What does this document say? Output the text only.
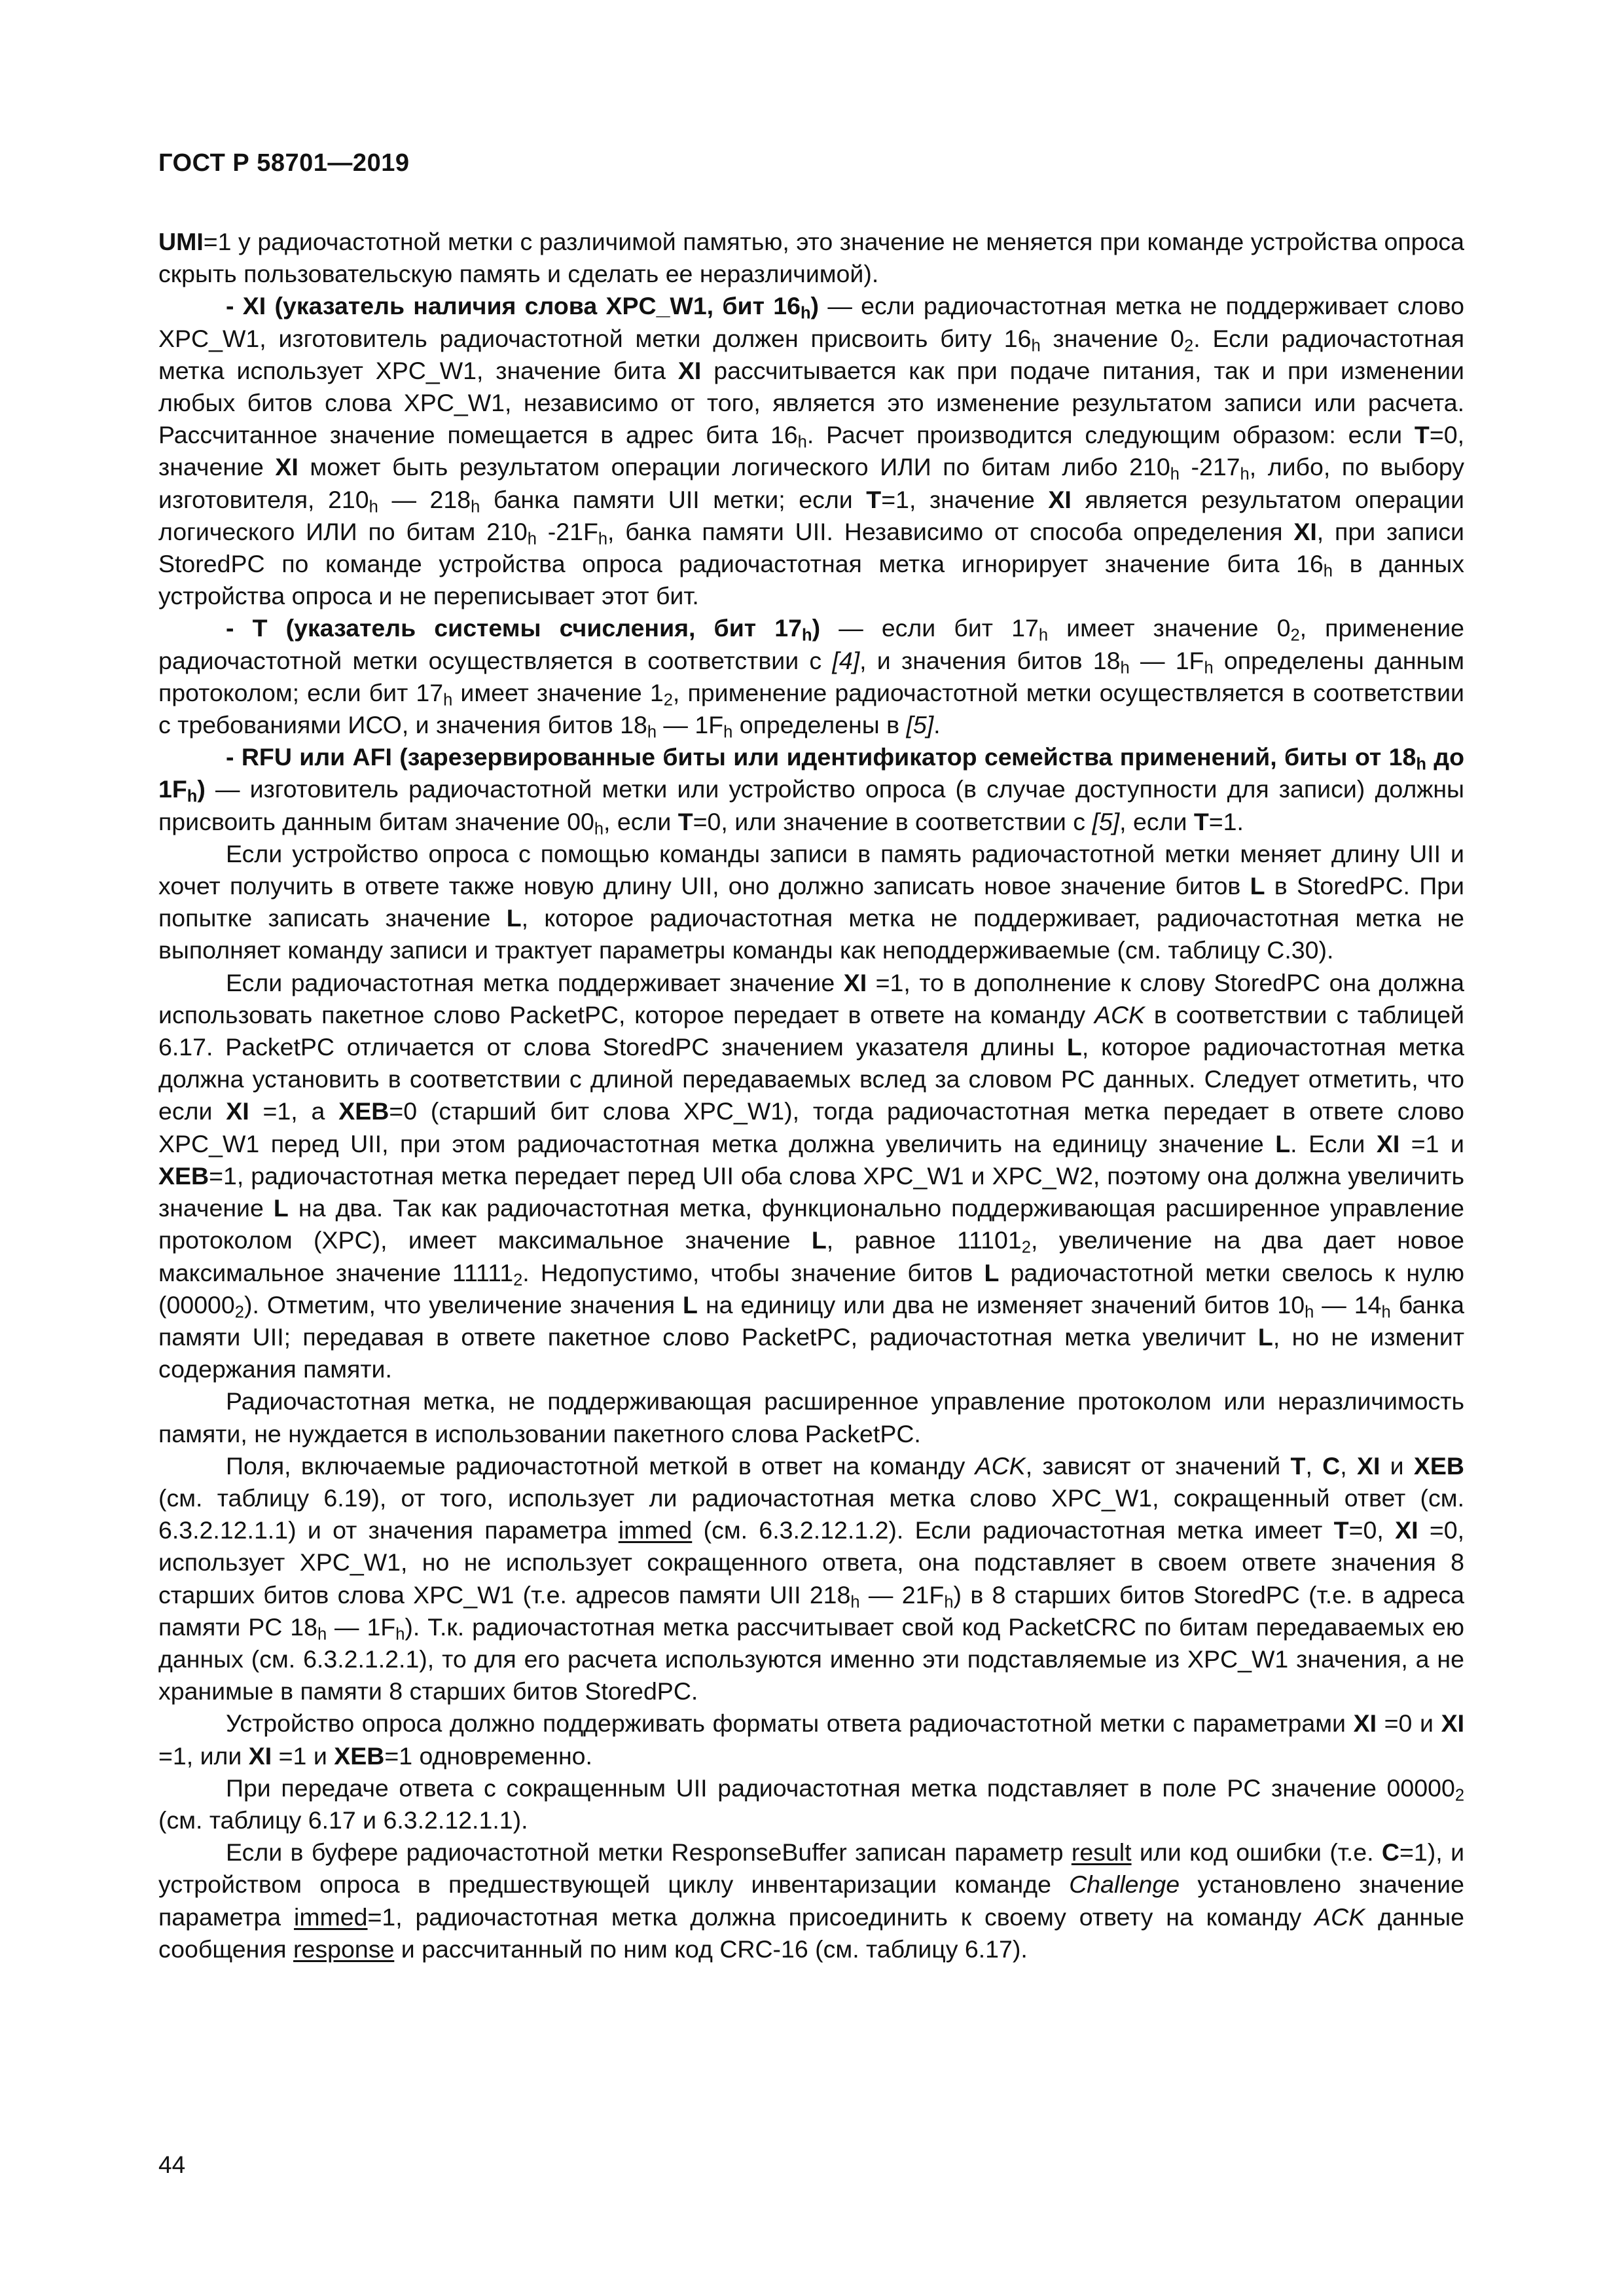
ГОСТ Р 58701—2019

UMI=1 у радиочастотной метки с различимой памятью, это значение не меняется при команде устройства опроса скрыть пользовательскую память и сделать ее неразличимой).

- XI (указатель наличия слова XPC_W1, бит $16_h$) — если радиочастотная метка не поддерживает слово XPC_W1, изготовитель радиочастотной метки должен присвоить биту $16_h$ значение $0_2$. Если радиочастотная метка использует XPC_W1, значение бита XI рассчитывается как при подаче питания, так и при изменении любых битов слова XPC_W1, независимо от того, является это изменение результатом записи или расчета. Рассчитанное значение помещается в адрес бита $16_h$. Расчет производится следующим образом: если T=0, значение XI может быть результатом операции логического ИЛИ по битам либо $210_h$ $-217_h$, либо, по выбору изготовителя, $210_h$ — $218_h$ банка памяти UII метки; если T=1, значение XI является результатом операции логического ИЛИ по битам $210_h$ $-21F_h$, банка памяти UII. Независимо от способа определения XI, при записи StoredPC по команде устройства опроса радиочастотная метка игнорирует значение бита $16_h$ в данных устройства опроса и не переписывает этот бит.

- T (указатель системы счисления, бит $17_h$) — если бит $17_h$ имеет значение $0_2$, применение радиочастотной метки осуществляется в соответствии с [4], и значения битов $18_h$ — $1F_h$ определены данным протоколом; если бит $17_h$ имеет значение $1_2$, применение радиочастотной метки осуществляется в соответствии с требованиями ИСО, и значения битов $18_h$ — $1F_h$ определены в [5].

- RFU или AFI (зарезервированные биты или идентификатор семейства применений, биты от $18_h$ до $1F_h$) — изготовитель радиочастотной метки или устройство опроса (в случае доступности для записи) должны присвоить данным битам значение $00_h$, если T=0, или значение в соответствии с [5], если T=1.

Если устройство опроса с помощью команды записи в память радиочастотной метки меняет длину UII и хочет получить в ответе также новую длину UII, оно должно записать новое значение битов L в StoredPC. При попытке записать значение L, которое радиочастотная метка не поддерживает, радиочастотная метка не выполняет команду записи и трактует параметры команды как неподдерживаемые (см. таблицу С.30).

Если радиочастотная метка поддерживает значение XI =1, то в дополнение к слову StoredPC она должна использовать пакетное слово PacketPC, которое передает в ответе на команду ACK в соответствии с таблицей 6.17. PacketPC отличается от слова StoredPC значением указателя длины L, которое радиочастотная метка должна установить в соответствии с длиной передаваемых вслед за словом PC данных. Следует отметить, что если XI =1, а XEB=0 (старший бит слова XPC_W1), тогда радиочастотная метка передает в ответе слово XPC_W1 перед UII, при этом радиочастотная метка должна увеличить на единицу значение L. Если XI =1 и XEB=1, радиочастотная метка передает перед UII оба слова XPC_W1 и XPC_W2, поэтому она должна увеличить значение L на два. Так как радиочастотная метка, функционально поддерживающая расширенное управление протоколом (XPC), имеет максимальное значение L, равное $11101_2$, увеличение на два дает новое максимальное значение $11111_2$. Недопустимо, чтобы значение битов L радиочастотной метки свелось к нулю $(00000_2)$. Отметим, что увеличение значения L на единицу или два не изменяет значений битов $10_h$ — $14_h$ банка памяти UII; передавая в ответе пакетное слово PacketPC, радиочастотная метка увеличит L, но не изменит содержания памяти.

Радиочастотная метка, не поддерживающая расширенное управление протоколом или неразличимость памяти, не нуждается в использовании пакетного слова PacketPC.

Поля, включаемые радиочастотной меткой в ответ на команду ACK, зависят от значений T, C, XI и XEB (см. таблицу 6.19), от того, использует ли радиочастотная метка слово XPC_W1, сокращенный ответ (см. 6.3.2.12.1.1) и от значения параметра immed (см. 6.3.2.12.1.2). Если радиочастотная метка имеет T=0, XI =0, использует XPC_W1, но не использует сокращенного ответа, она подставляет в своем ответе значения 8 старших битов слова XPC_W1 (т.е. адресов памяти UII $218_h$ — $21F_h$) в 8 старших битов StoredPC (т.е. в адреса памяти PC $18_h$ — $1F_h$). Т.к. радиочастотная метка рассчитывает свой код PacketCRC по битам передаваемых ею данных (см. 6.3.2.1.2.1), то для его расчета используются именно эти подставляемые из XPC_W1 значения, а не хранимые в памяти 8 старших битов StoredPC.

Устройство опроса должно поддерживать форматы ответа радиочастотной метки с параметрами XI =0 и XI =1, или XI =1 и XEB=1 одновременно.

При передаче ответа с сокращенным UII радиочастотная метка подставляет в поле PC значение $00000_2$ (см. таблицу 6.17 и 6.3.2.12.1.1).

Если в буфере радиочастотной метки ResponseBuffer записан параметр result или код ошибки (т.е. C=1), и устройством опроса в предшествующей циклу инвентаризации команде Challenge установлено значение параметра immed=1, радиочастотная метка должна присоединить к своему ответу на команду ACK данные сообщения response и рассчитанный по ним код CRC-16 (см. таблицу 6.17).

44
